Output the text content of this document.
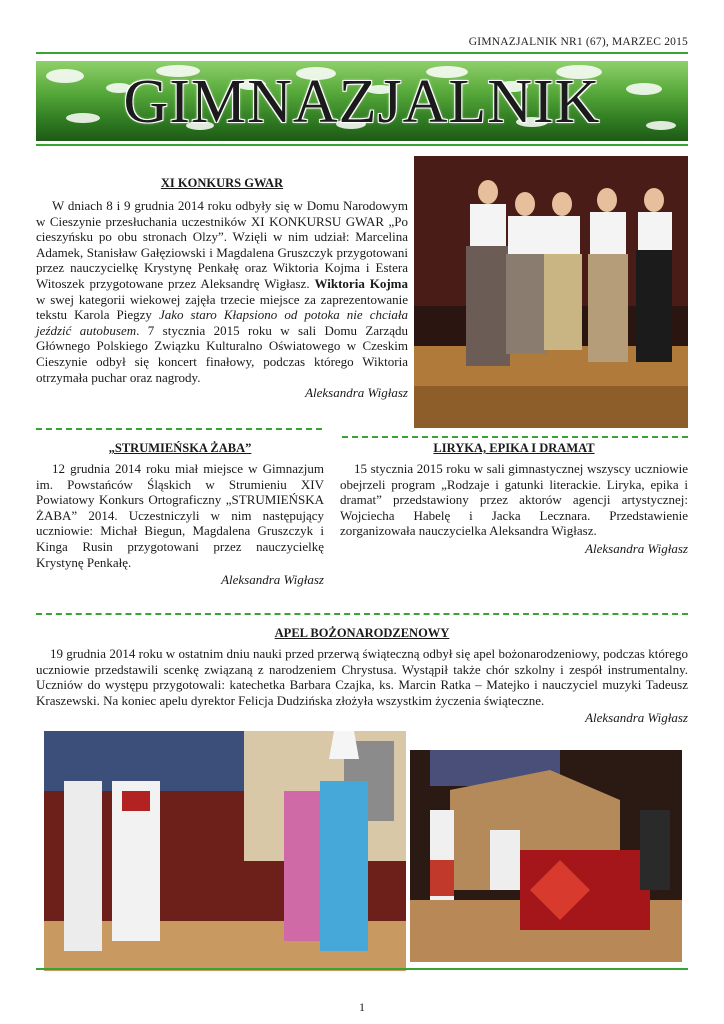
GIMNAZJALNIK NR1 (67), MARZEC 2015
GIMNAZJALNIK
XI KONKURS GWAR

W dniach 8 i 9 grudnia 2014 roku odbyły się w Domu Narodowym w Cieszynie przesłuchania uczestników XI KONKURSU GWAR „Po cieszyńsku po obu stronach Olzy”. Wzięli w nim udział: Marcelina Adamek, Stanisław Gałęziowski i Magdalena Gruszczyk przygotowani przez nauczycielkę Krystynę Penkałę oraz Wiktoria Kojma i Estera Witoszek przygotowane przez Aleksandrę Wigłasz. Wiktoria Kojma w swej kategorii wiekowej zajęła trzecie miejsce za zaprezentowanie tekstu Karola Piegzy Jako staro Kłapsiono od potoka nie chciała jeździć autobusem. 7 stycznia 2015 roku w sali Domu Zarządu Głównego Polskiego Związku Kulturalno Oświatowego w Czeskim Cieszynie odbył się koncert finałowy, podczas którego Wiktoria otrzymała puchar oraz nagrody.

Aleksandra Wigłasz
„STRUMIEŃSKA ŻABA”

12 grudnia 2014 roku miał miejsce w Gimnazjum im. Powstańców Śląskich w Strumieniu XIV Powiatowy Konkurs Ortograficzny „STRUMIEŃSKA ŻABA” 2014. Uczestniczyli w nim następujący uczniowie: Michał Biegun, Magdalena Gruszczyk i Kinga Rusin przygotowani przez nauczycielkę Krystynę Penkałę.

Aleksandra Wigłasz
LIRYKA, EPIKA I DRAMAT

15 stycznia 2015 roku w sali gimnastycznej wszyscy uczniowie obejrzeli program „Rodzaje i gatunki literackie. Liryka, epika i dramat” przedstawiony przez aktorów agencji artystycznej: Wojciecha Habelę i Jacka Lecznara. Przedstawienie zorganizowała nauczycielka Aleksandra Wigłasz.

Aleksandra Wigłasz
APEL BOŻONARODZENOWY

19 grudnia 2014 roku w ostatnim dniu nauki przed przerwą świąteczną odbył się apel bożonarodzeniowy, podczas którego uczniowie przedstawili scenkę związaną z narodzeniem Chrystusa. Wystąpił także chór szkolny i zespół instrumentalny. Uczniów do występu przygotowali: katechetka Barbara Czajka, ks. Marcin Ratka – Matejko i nauczyciel muzyki Tadeusz Kraszewski. Na koniec apelu dyrektor Felicja Dudzińska złożyła wszystkim życzenia świąteczne.

Aleksandra Wigłasz
1
